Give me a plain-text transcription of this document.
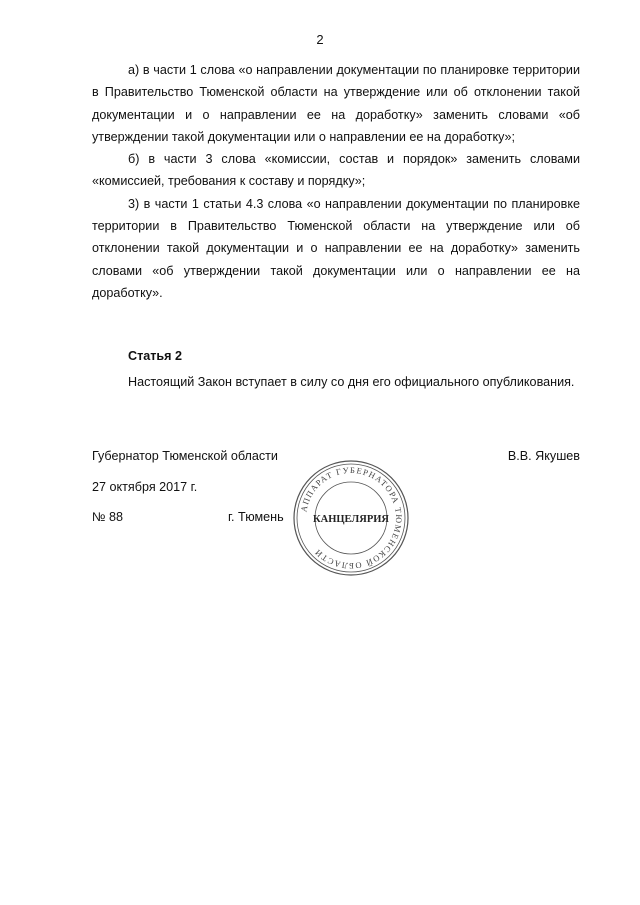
2

а) в части 1 слова «о направлении документации по планировке территории в Правительство Тюменской области на утверждение или об отклонении такой документации и о направлении ее на доработку» заменить словами «об утверждении такой документации или о направлении ее на доработку»;

б) в части 3 слова «комиссии, состав и порядок» заменить словами «комиссией, требования к составу и порядку»;

3) в части 1 статьи 4.3 слова «о направлении документации по планировке территории в Правительство Тюменской области на утверждение или об отклонении такой документации и о направлении ее на доработку» заменить словами «об утверждении такой документации или о направлении ее на доработку».

Статья 2

Настоящий Закон вступает в силу со дня его официального опубликования.

Губернатор Тюменской области	В.В. Якушев
27 октября 2017 г.
№ 88	г. Тюмень
АППАРАТ ГУБЕРНАТОРА ТЮМЕНСКОЙ ОБЛАСТИ
КАНЦЕЛЯРИЯ
